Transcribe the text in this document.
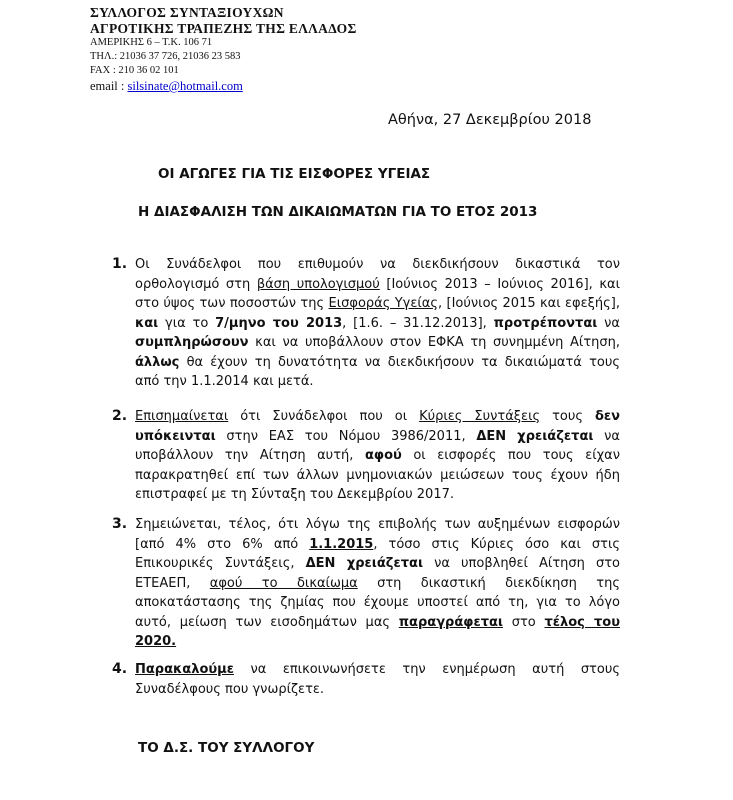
ΣΥΛΛΟΓΟΣ ΣΥΝΤΑΞΙΟΥΧΩΝ
ΑΓΡΟΤΙΚΗΣ ΤΡΑΠΕΖΗΣ ΤΗΣ ΕΛΛΑΔΟΣ
ΑΜΕΡΙΚΗΣ 6 – Τ.Κ. 106 71
ΤΗΛ.: 21036 37 726, 21036 23 583
FAX : 210 36 02 101
email : silsinate@hotmail.com
Αθήνα, 27 Δεκεμβρίου 2018
ΟΙ ΑΓΩΓΕΣ ΓΙΑ ΤΙΣ ΕΙΣΦΟΡΕΣ ΥΓΕΙΑΣ
Η ΔΙΑΣΦΑΛΙΣΗ ΤΩΝ ΔΙΚΑΙΩΜΑΤΩΝ ΓΙΑ ΤΟ ΕΤΟΣ 2013
1. Οι Συνάδελφοι που επιθυμούν να διεκδικήσουν δικαστικά τον ορθολογισμό στη βάση υπολογισμού [Ιούνιος 2013 – Ιούνιος 2016], και στο ύψος των ποσοστών της Εισφοράς Υγείας, [Ιούνιος 2015 και εφεξής], και για το 7/μηνο του 2013, [1.6. – 31.12.2013], προτρέπονται να συμπληρώσουν και να υποβάλλουν στον ΕΦΚΑ τη συνημμένη Αίτηση, άλλως θα έχουν τη δυνατότητα να διεκδικήσουν τα δικαιώματά τους από την 1.1.2014 και μετά.
2. Επισημαίνεται ότι Συνάδελφοι που οι Κύριες Συντάξεις τους δεν υπόκεινται στην ΕΑΣ του Νόμου 3986/2011, ΔΕΝ χρειάζεται να υποβάλλουν την Αίτηση αυτή, αφού οι εισφορές που τους είχαν παρακρατηθεί επί των άλλων μνημονιακών μειώσεων τους έχουν ήδη επιστραφεί με τη Σύνταξη του Δεκεμβρίου 2017.
3. Σημειώνεται, τέλος, ότι λόγω της επιβολής των αυξημένων εισφορών [από 4% στο 6% από 1.1.2015, τόσο στις Κύριες όσο και στις Επικουρικές Συντάξεις, ΔΕΝ χρειάζεται να υποβληθεί Αίτηση στο ΕΤΕΑΕΠ, αφού το δικαίωμα στη δικαστική διεκδίκηση της αποκατάστασης της ζημίας που έχουμε υποστεί από τη, για το λόγο αυτό, μείωση των εισοδημάτων μας παραγράφεται στο τέλος του 2020.
4. Παρακαλούμε να επικοινωνήσετε την ενημέρωση αυτή στους Συναδέλφους που γνωρίζετε.
ΤΟ Δ.Σ. ΤΟΥ ΣΥΛΛΟΓΟΥ
